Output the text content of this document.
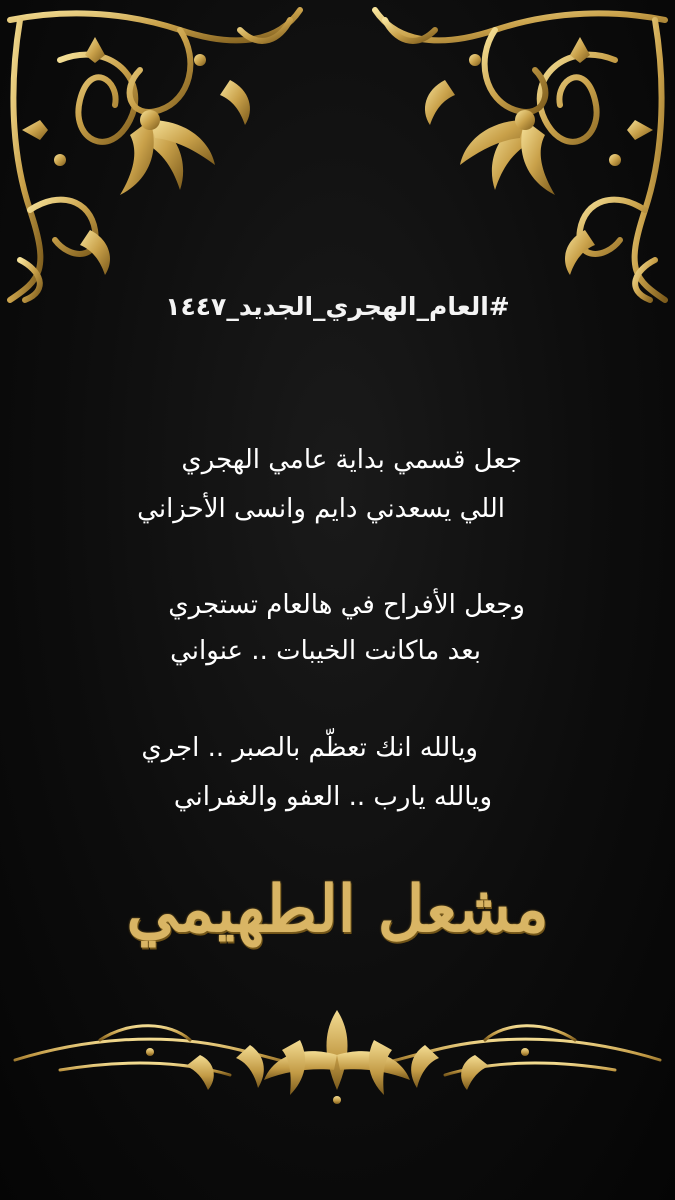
#العام_الهجري_الجديد_١٤٤٧
جعل قسمي بداية عامي الهجري
اللي يسعدني دايم وانسى الأحزاني
وجعل الأفراح في هالعام تستجري
بعد ماكانت الخيبات .. عنواني
ويالله انك تعظّم بالصبر .. اجري
ويالله يارب .. العفو والغفراني
مشعل الطهيمي
